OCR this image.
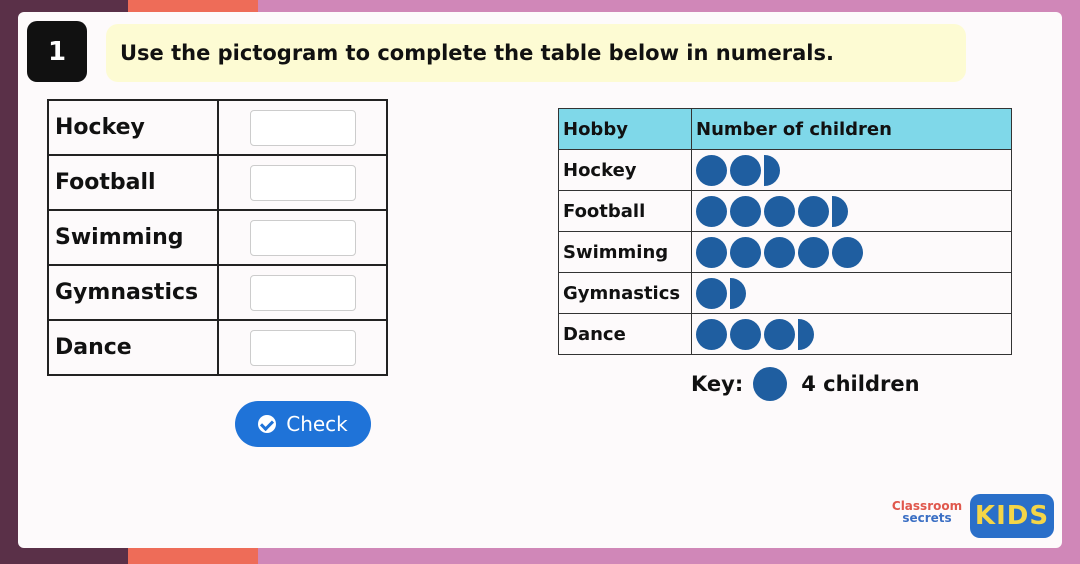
1	Use the pictogram to complete the table below in numerals.
Hockey	
Football	
Swimming	
Gymnastics	
Dance	
Check
Hobby	Number of children
Hockey	

Football	

Swimming	

Gymnastics	

Dance	
Key:	4 children
Classroom
secrets KIDS
